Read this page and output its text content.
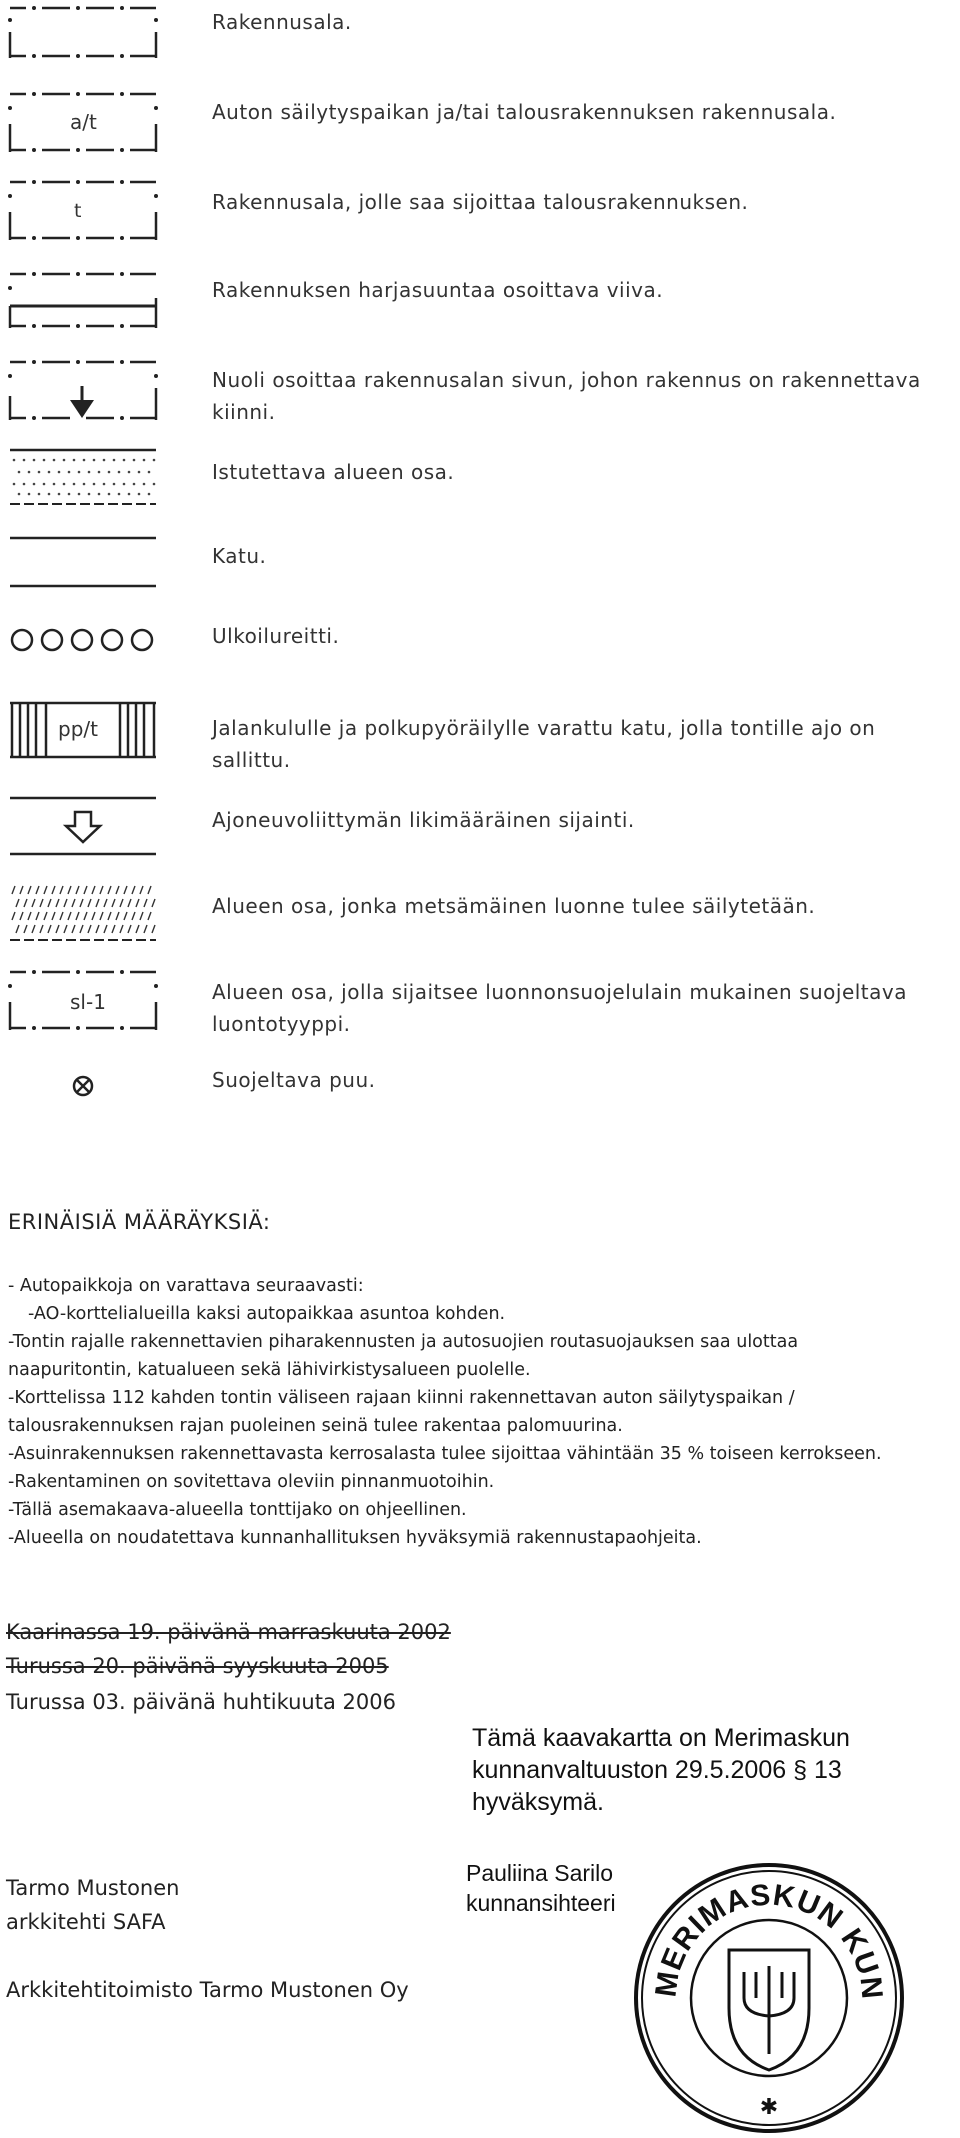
Rakennusala.
a/t	Auton säilytyspaikan ja/tai talousrakennuksen rakennusala.
t	Rakennusala, jolle saa sijoittaa talousrakennuksen.
Rakennuksen harjasuuntaa osoittava viiva.
Nuoli osoittaa rakennusalan sivun, johon rakennus on rakennettava kiinni.
Istutettava alueen osa.
Katu.
Ulkoilureitti.
pp/t	Jalankululle ja polkupyöräilylle varattu katu, jolla tontille ajo on sallittu.
Ajoneuvoliittymän likimääräinen sijainti.
Alueen osa, jonka metsämäinen luonne tulee säilytetään.
sl-1	Alueen osa, jolla sijaitsee luonnonsuojelulain mukainen suojeltava luontotyyppi.
Suojeltava puu.
ERINÄISIÄ MÄÄRÄYKSIÄ:
- Autopaikkoja on varattava seuraavasti:
-AO-korttelialueilla kaksi autopaikkaa asuntoa kohden.
-Tontin rajalle rakennettavien piharakennusten ja autosuojien routasuojauksen saa ulottaa
naapuritontin, katualueen sekä lähivirkistysalueen puolelle.
-Korttelissa 112 kahden tontin väliseen rajaan kiinni rakennettavan auton säilytyspaikan /
talousrakennuksen rajan puoleinen seinä tulee rakentaa palomuurina.
-Asuinrakennuksen rakennettavasta kerrosalasta tulee sijoittaa vähintään 35 % toiseen kerrokseen.
-Rakentaminen on sovitettava oleviin pinnanmuotoihin.
-Tällä asemakaava-alueella tonttijako on ohjeellinen.
-Alueella on noudatettava kunnanhallituksen hyväksymiä rakennustapaohjeita.
Kaarinassa 19. päivänä marraskuuta 2002
Turussa 20. päivänä syyskuuta 2005
Turussa 03. päivänä huhtikuuta 2006
Tämä kaavakartta on Merimaskun
kunnanvaltuuston 29.5.2006 § 13
hyväksymä.
Tarmo Mustonen
arkkitehti SAFA
Arkkitehtitoimisto Tarmo Mustonen Oy
Pauliina Sarilo
kunnansihteeri
MERIMASKUN KUN
✱
